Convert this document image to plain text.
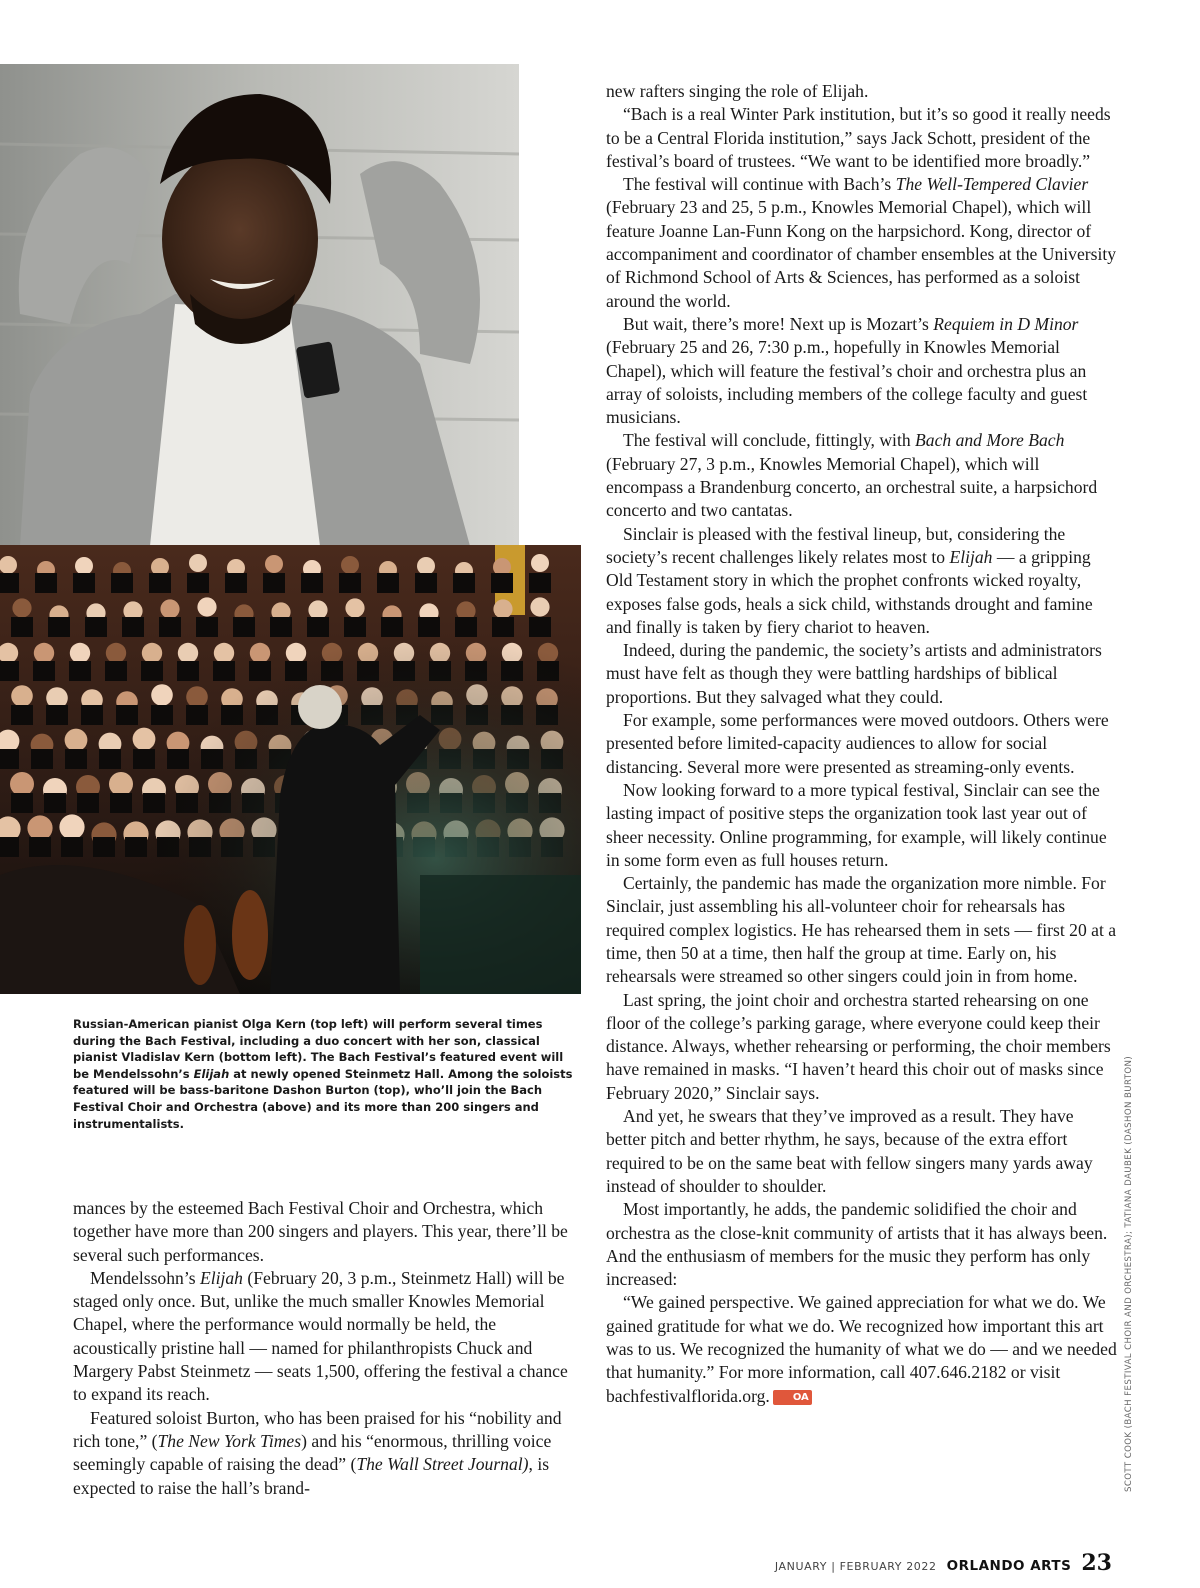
Russian-American pianist Olga Kern (top left) will perform several times during the Bach Festival, including a duo concert with her son, classical pianist Vladislav Kern (bottom left). The Bach Festival’s featured event will be Mendelssohn’s Elijah at newly opened Steinmetz Hall. Among the soloists featured will be bass-baritone Dashon Burton (top), who’ll join the Bach Festival Choir and Orchestra (above) and its more than 200 singers and instrumentalists.

mances by the esteemed Bach Festival Choir and Orchestra, which together have more than 200 singers and players. This year, there’ll be several such performances.

Mendelssohn’s Elijah (February 20, 3 p.m., Steinmetz Hall) will be staged only once. But, unlike the much smaller Knowles Memorial Chapel, where the performance would normally be held, the acoustically pristine hall — named for philanthropists Chuck and Margery Pabst Steinmetz — seats 1,500, offering the festival a chance to expand its reach.

Featured soloist Burton, who has been praised for his “nobility and rich tone,” (The New York Times) and his “enormous, thrilling voice seemingly capable of raising the dead” (The Wall Street Journal), is expected to raise the hall’s brand-

new rafters singing the role of Elijah.

“Bach is a real Winter Park institution, but it’s so good it really needs to be a Central Florida institution,” says Jack Schott, president of the festival’s board of trustees. “We want to be identified more broadly.”

The festival will continue with Bach’s The Well-Tempered Clavier (February 23 and 25, 5 p.m., Knowles Memorial Chapel), which will feature Joanne Lan-Funn Kong on the harpsichord. Kong, director of accompaniment and coordinator of chamber ensembles at the University of Richmond School of Arts & Sciences, has performed as a soloist around the world.

But wait, there’s more! Next up is Mozart’s Requiem in D Minor (February 25 and 26, 7:30 p.m., hopefully in Knowles Memorial Chapel), which will feature the festival’s choir and orchestra plus an array of soloists, including members of the college faculty and guest musicians.

The festival will conclude, fittingly, with Bach and More Bach (February 27, 3 p.m., Knowles Memorial Chapel), which will encompass a Brandenburg concerto, an orchestral suite, a harpsichord concerto and two cantatas.

Sinclair is pleased with the festival lineup, but, considering the society’s recent challenges likely relates most to Elijah — a gripping Old Testament story in which the prophet confronts wicked royalty, exposes false gods, heals a sick child, withstands drought and famine and finally is taken by fiery chariot to heaven.

Indeed, during the pandemic, the society’s artists and administrators must have felt as though they were battling hardships of biblical proportions. But they salvaged what they could.

For example, some performances were moved outdoors. Others were presented before limited-capacity audiences to allow for social distancing. Several more were presented as streaming-only events.

Now looking forward to a more typical festival, Sinclair can see the lasting impact of positive steps the organization took last year out of sheer necessity. Online programming, for example, will likely continue in some form even as full houses return.

Certainly, the pandemic has made the organization more nimble. For Sinclair, just assembling his all-volunteer choir for rehearsals has required complex logistics. He has rehearsed them in sets — first 20 at a time, then 50 at a time, then half the group at time. Early on, his rehearsals were streamed so other singers could join in from home.

Last spring, the joint choir and orchestra started rehearsing on one floor of the college’s parking garage, where everyone could keep their distance. Always, whether rehearsing or performing, the choir members have remained in masks. “I haven’t heard this choir out of masks since February 2020,” Sinclair says.

And yet, he swears that they’ve improved as a result. They have better pitch and better rhythm, he says, because of the extra effort required to be on the same beat with fellow singers many yards away instead of shoulder to shoulder.

Most importantly, he adds, the pandemic solidified the choir and orchestra as the close-knit community of artists that it has always been. And the enthusiasm of members for the music they perform has only increased:

“We gained perspective. We gained appreciation for what we do. We gained gratitude for what we do. We recognized how important this art was to us. We recognized the humanity of what we do — and we needed that humanity.” For more information, call 407.646.2182 or visit bachfestivalflorida.org. OA	SCOTT COOK (BACH FESTIVAL CHOIR AND ORCHESTRA); TATIANA DAUBEK (DASHON BURTON)
JANUARY | FEBRUARY 2022 ORLANDO ARTS 23
